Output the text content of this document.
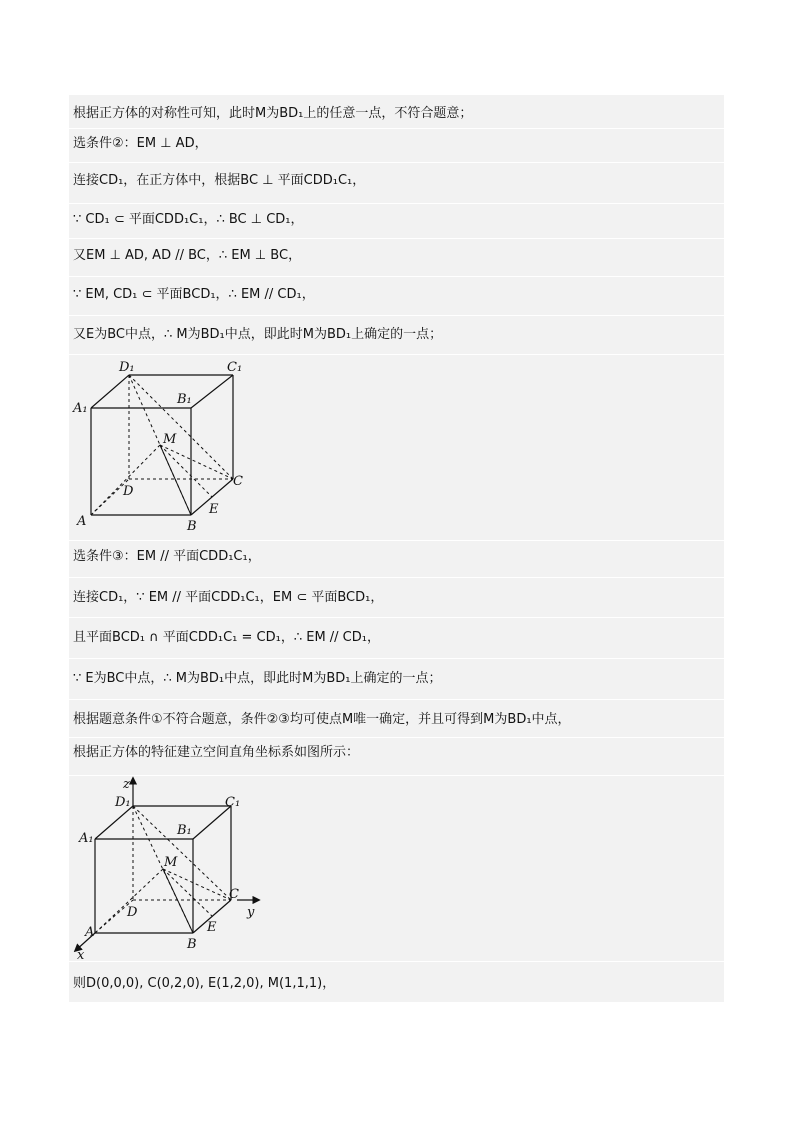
根据正方体的对称性可知，此时M为BD₁上的任意一点，不符合题意；
选条件②：EM ⊥ AD，
连接CD₁，在正方体中，根据BC ⊥ 平面CDD₁C₁，
∵ CD₁ ⊂ 平面CDD₁C₁，∴ BC ⊥ CD₁，
又EM ⊥ AD, AD // BC，∴ EM ⊥ BC，
∵ EM, CD₁ ⊂ 平面BCD₁，∴ EM // CD₁，
又E为BC中点，∴ M为BD₁中点，即此时M为BD₁上确定的一点；
D₁	C₁
A₁
B₁
M
D
C
A	B
E
选条件③：EM // 平面CDD₁C₁，
连接CD₁，∵ EM // 平面CDD₁C₁，EM ⊂ 平面BCD₁，
且平面BCD₁ ∩ 平面CDD₁C₁ = CD₁，∴ EM // CD₁，
∵ E为BC中点，∴ M为BD₁中点，即此时M为BD₁上确定的一点；
根据题意条件①不符合题意，条件②③均可使点M唯一确定，并且可得到M为BD₁中点，
根据正方体的特征建立空间直角坐标系如图所示：
z
D₁	C₁
A₁
B₁
M
D
C
y
A
B
E
x
则D(0,0,0), C(0,2,0), E(1,2,0), M(1,1,1)，
